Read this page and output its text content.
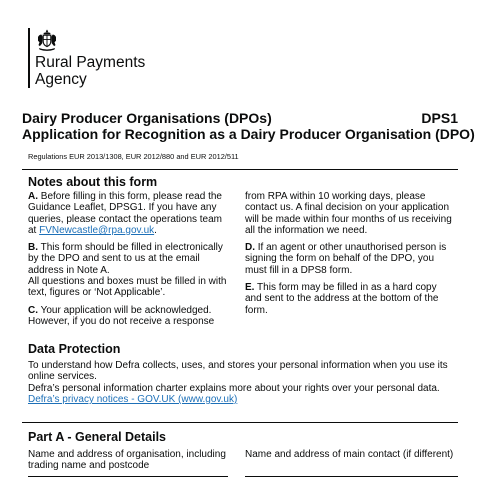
Rural Payments
Agency
Dairy Producer Organisations (DPOs)	DPS1
Application for Recognition as a Dairy Producer Organisation (DPO)
Regulations EUR 2013/1308, EUR 2012/880 and EUR 2012/511
Notes about this form

A. Before filling in this form, please read the Guidance Leaflet, DPSG1. If you have any queries, please contact the operations team at FVNewcastle@rpa.gov.uk.

B. This form should be filled in electronically by the DPO and sent to us at the email address in Note A.

All questions and boxes must be filled in with text, figures or ‘Not Applicable’.

C. Your application will be acknowledged. However, if you do not receive a response

from RPA within 10 working days, please contact us. A final decision on your application will be made within four months of us receiving all the information we need.

D. If an agent or other unauthorised person is signing the form on behalf of the DPO, you must fill in a DPS8 form.

E. This form may be filled in as a hard copy and sent to the address at the bottom of the form.

Data Protection
To understand how Defra collects, uses, and stores your personal information when you use its online services.
Defra’s personal information charter explains more about your rights over your personal data.
Defra’s privacy notices - GOV.UK (www.gov.uk)
Part A - General Details
Name and address of organisation, including trading name and postcode
Name and address of main contact (if different)
